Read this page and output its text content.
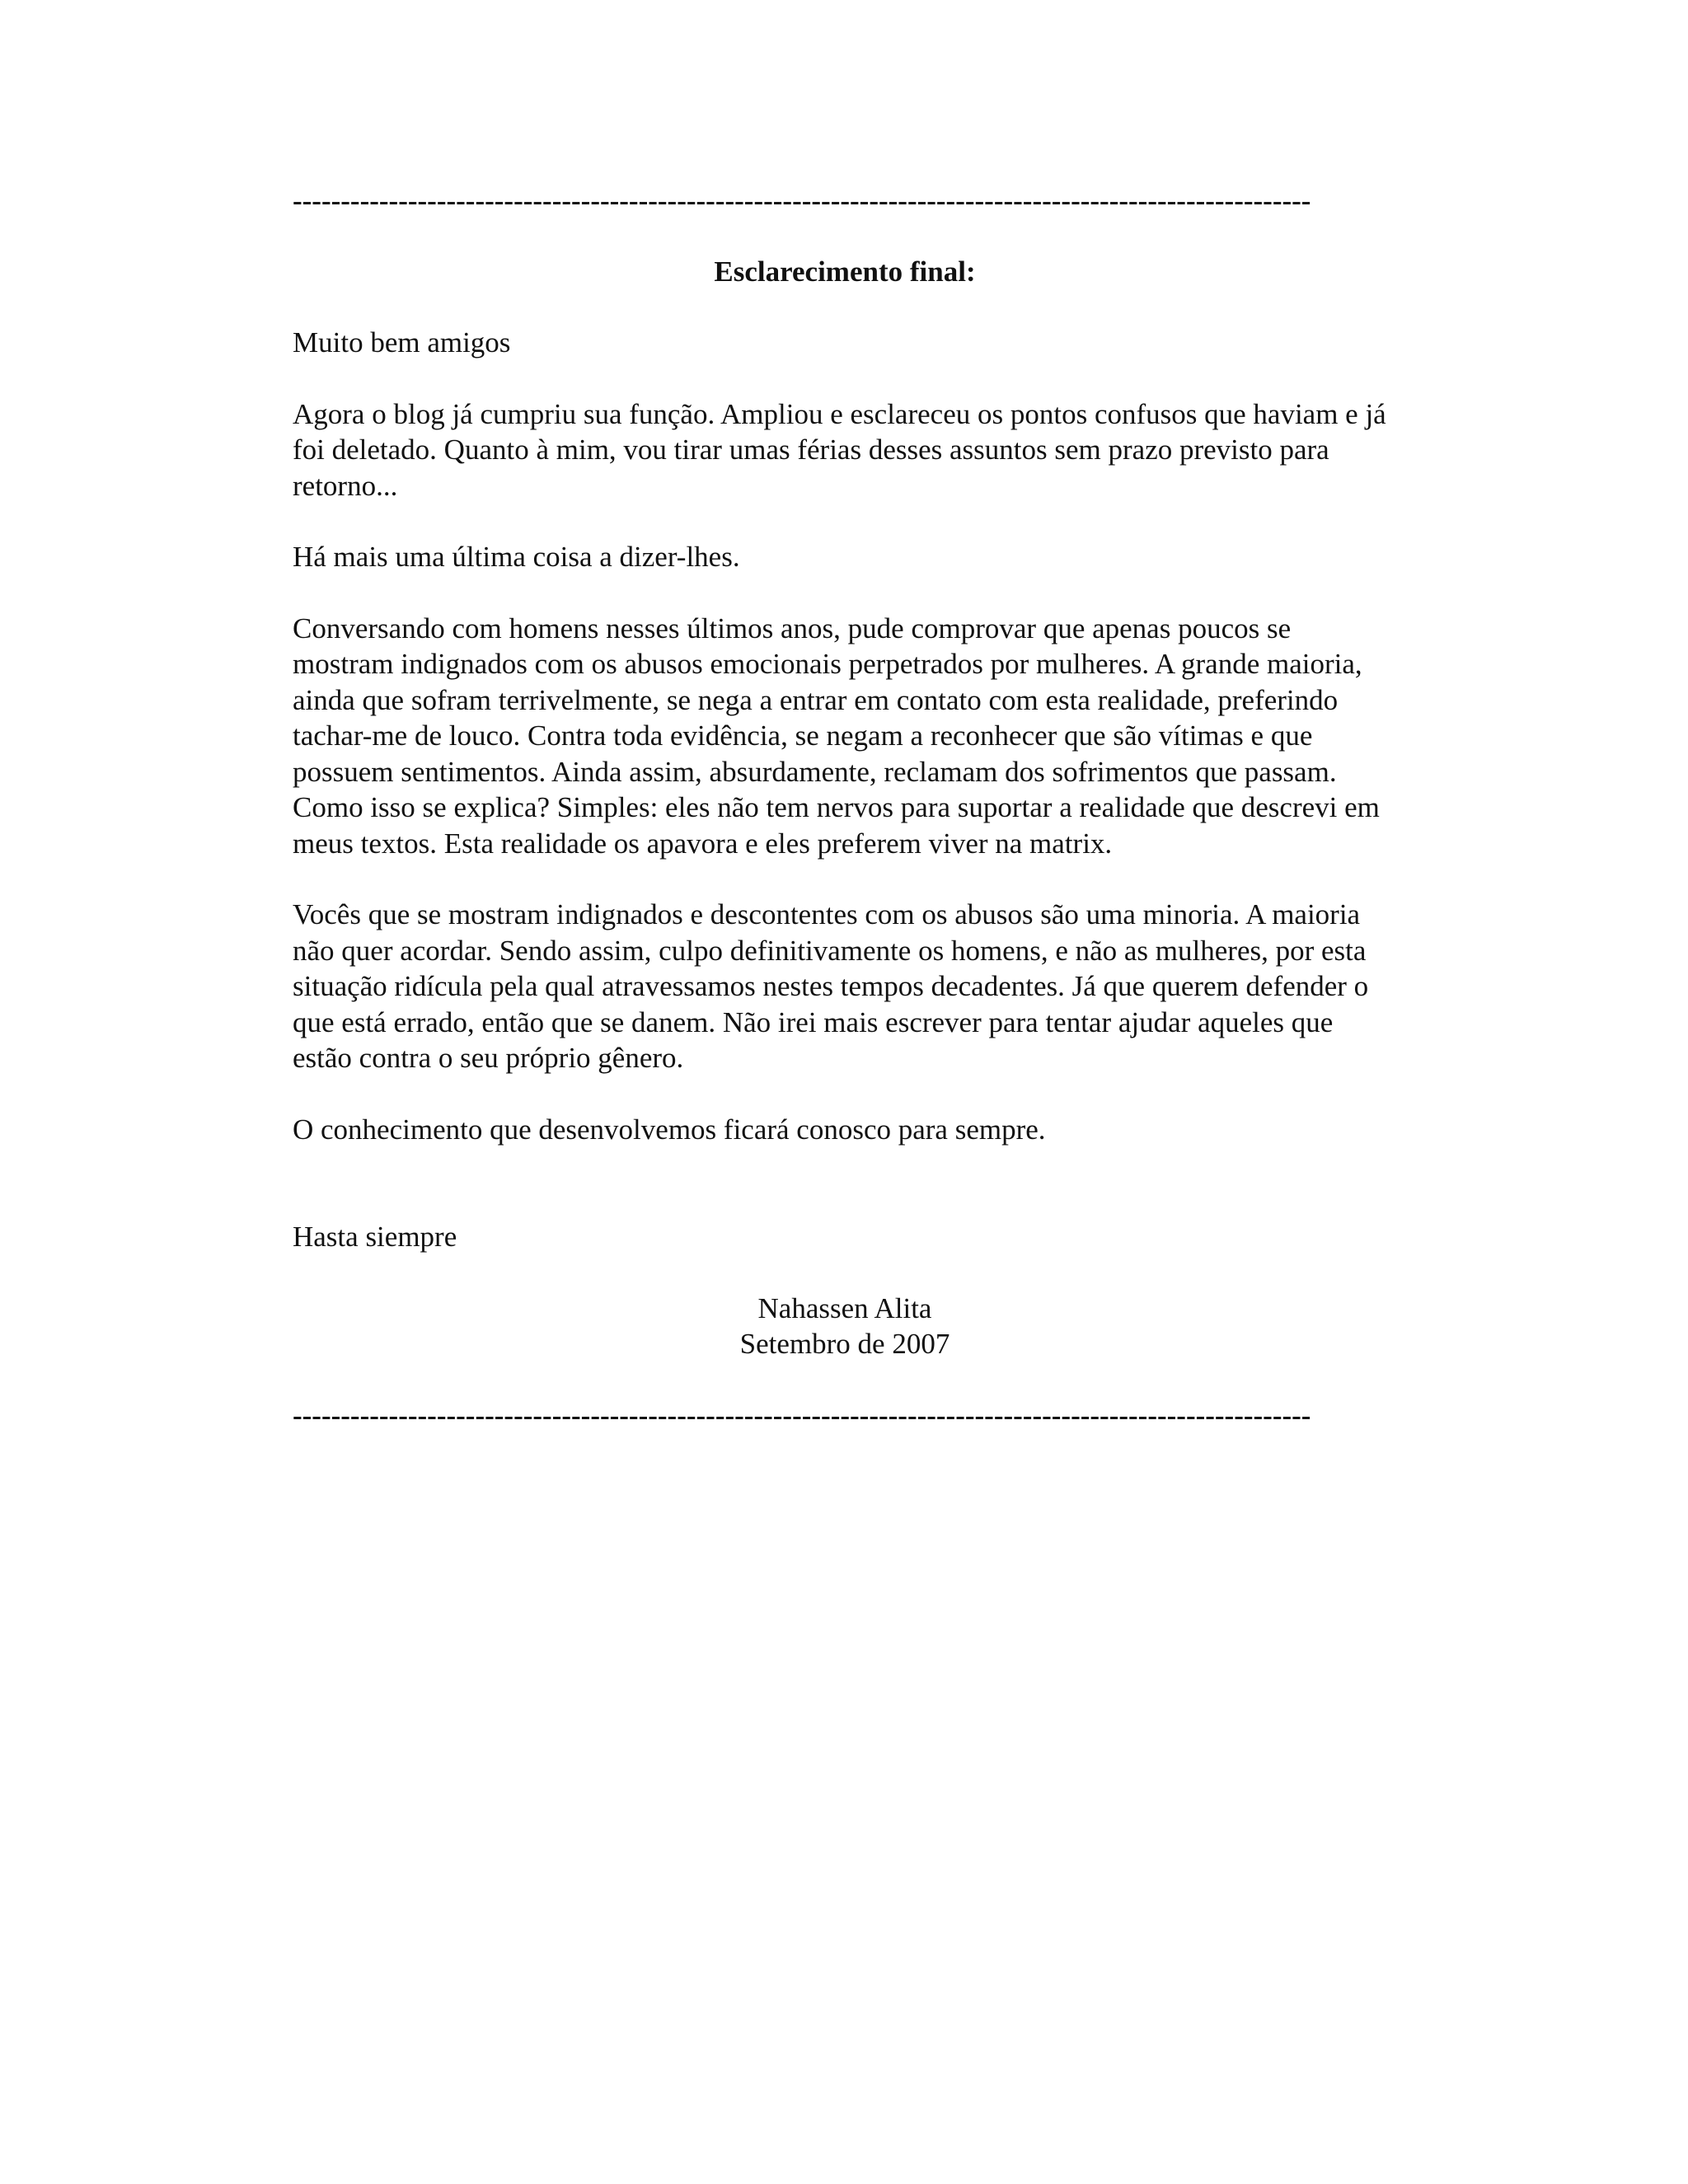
----------------------------------------------------------------------------------------------------------

Esclarecimento final:

Muito bem amigos

Agora o blog já cumpriu sua função. Ampliou e esclareceu os pontos confusos que haviam e já foi deletado. Quanto à mim, vou tirar umas férias desses assuntos sem prazo previsto para retorno...

Há mais uma última coisa a dizer-lhes.

Conversando com homens nesses últimos anos, pude comprovar que apenas poucos se mostram indignados com os abusos emocionais perpetrados por mulheres. A grande maioria, ainda que sofram terrivelmente, se nega a entrar em contato com esta realidade, preferindo tachar-me de louco. Contra toda evidência, se negam a reconhecer que são vítimas e que possuem sentimentos. Ainda assim, absurdamente, reclamam dos sofrimentos que passam. Como isso se explica? Simples: eles não tem nervos para suportar a realidade que descrevi em meus textos. Esta realidade os apavora e eles preferem viver na matrix.

Vocês que se mostram indignados e descontentes com os abusos são uma minoria. A maioria não quer acordar. Sendo assim, culpo definitivamente os homens, e não as mulheres, por esta situação ridícula pela qual atravessamos nestes tempos decadentes. Já que querem defender o que está errado, então que se danem. Não irei mais escrever para tentar ajudar aqueles que estão contra o seu próprio gênero.

O conhecimento que desenvolvemos ficará conosco para sempre.

Hasta siempre

Nahassen Alita

Setembro de 2007

----------------------------------------------------------------------------------------------------------
